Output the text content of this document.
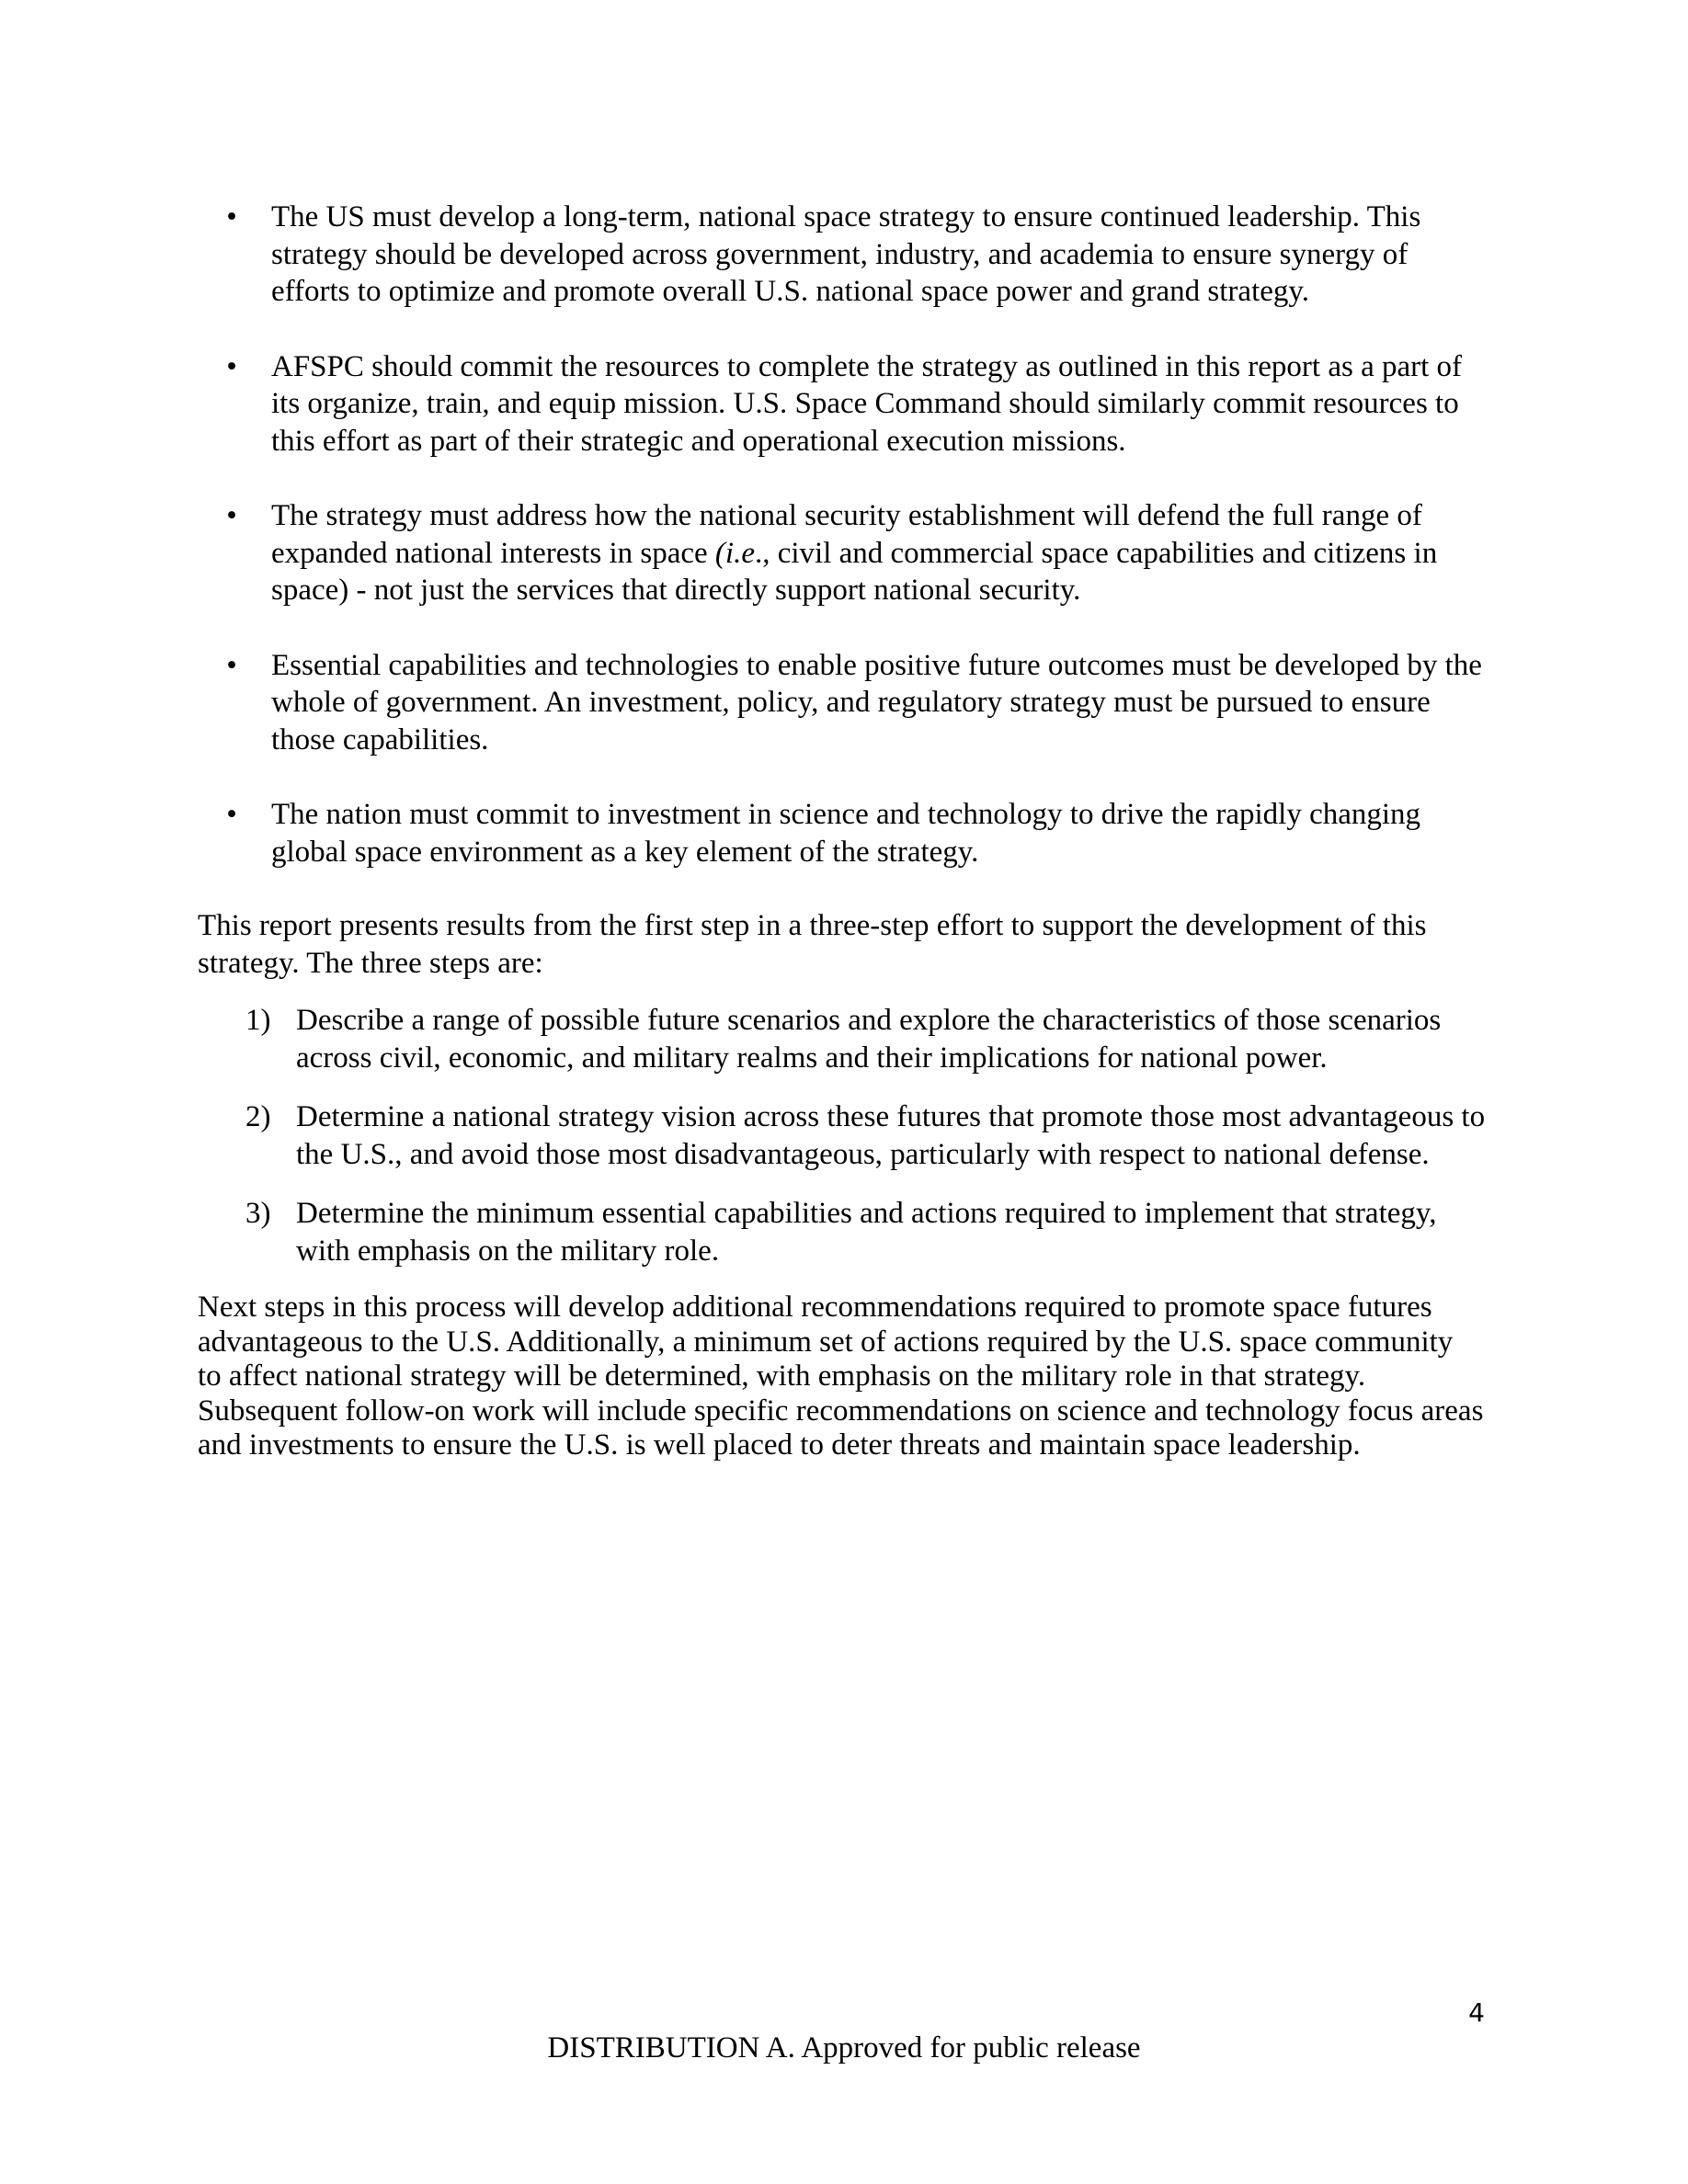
• The US must develop a long-term, national space strategy to ensure continued leadership. This
strategy should be developed across government, industry, and academia to ensure synergy of
efforts to optimize and promote overall U.S. national space power and grand strategy.
• AFSPC should commit the resources to complete the strategy as outlined in this report as a part of
its organize, train, and equip mission. U.S. Space Command should similarly commit resources to
this effort as part of their strategic and operational execution missions.
• The strategy must address how the national security establishment will defend the full range of
expanded national interests in space (i.e., civil and commercial space capabilities and citizens in
space) - not just the services that directly support national security.
• Essential capabilities and technologies to enable positive future outcomes must be developed by the
whole of government. An investment, policy, and regulatory strategy must be pursued to ensure
those capabilities.
• The nation must commit to investment in science and technology to drive the rapidly changing
global space environment as a key element of the strategy.

This report presents results from the first step in a three-step effort to support the development of this
strategy. The three steps are:

1) Describe a range of possible future scenarios and explore the characteristics of those scenarios
across civil, economic, and military realms and their implications for national power.
2) Determine a national strategy vision across these futures that promote those most advantageous to
the U.S., and avoid those most disadvantageous, particularly with respect to national defense.
3) Determine the minimum essential capabilities and actions required to implement that strategy,
with emphasis on the military role.

Next steps in this process will develop additional recommendations required to promote space futures
advantageous to the U.S. Additionally, a minimum set of actions required by the U.S. space community
to affect national strategy will be determined, with emphasis on the military role in that strategy.
Subsequent follow-on work will include specific recommendations on science and technology focus areas
and investments to ensure the U.S. is well placed to deter threats and maintain space leadership.

4
DISTRIBUTION A. Approved for public release
